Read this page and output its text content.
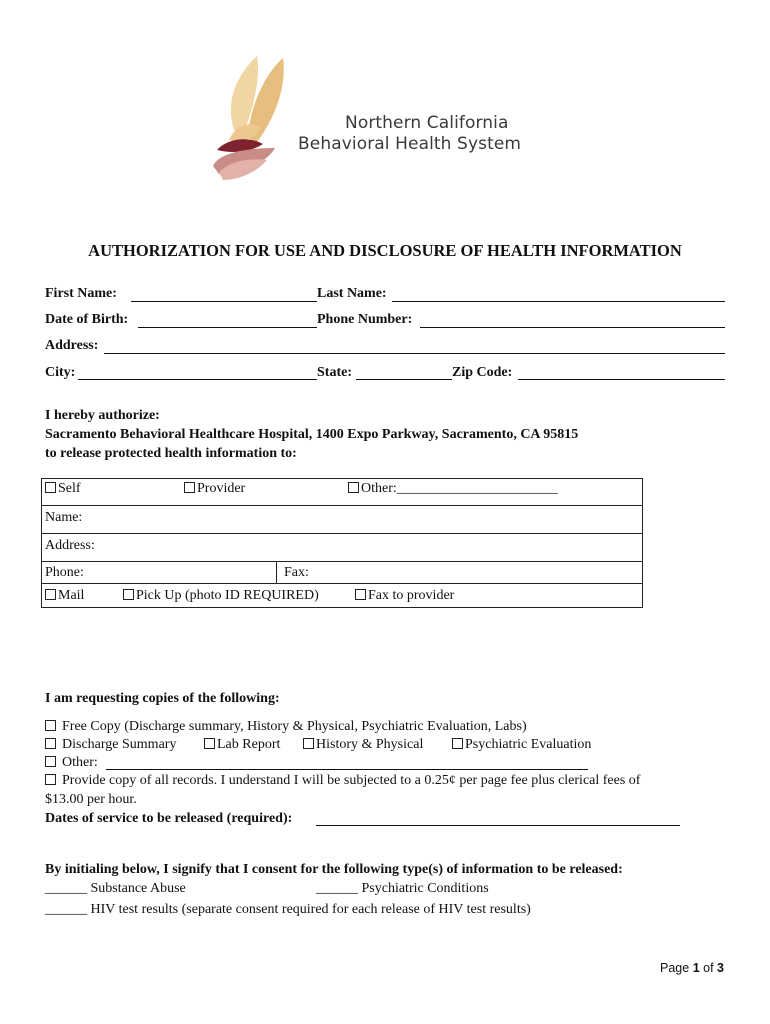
Northern California
Behavioral Health System
AUTHORIZATION FOR USE AND DISCLOSURE OF HEALTH INFORMATION
First Name:	Last Name:
Date of Birth:	Phone Number:
Address:
City:	State:	Zip Code:
I hereby authorize:
Sacramento Behavioral Healthcare Hospital, 1400 Expo Parkway, Sacramento, CA 95815
to release protected health information to:
Self	Provider	Other:_______________________
Name:
Address:
Phone:	Fax:
Mail	Pick Up (photo ID REQUIRED)	Fax to provider
I am requesting copies of the following:
Free Copy (Discharge summary, History & Physical, Psychiatric Evaluation, Labs)
Discharge Summary	Lab Report	History & Physical	Psychiatric Evaluation
Other:
Provide copy of all records. I understand I will be subjected to a 0.25¢ per page fee plus clerical fees of
$13.00 per hour.
Dates of service to be released (required):
By initialing below, I signify that I consent for the following type(s) of information to be released:
______ Substance Abuse	______ Psychiatric Conditions
______ HIV test results (separate consent required for each release of HIV test results)
Page 1 of 3
